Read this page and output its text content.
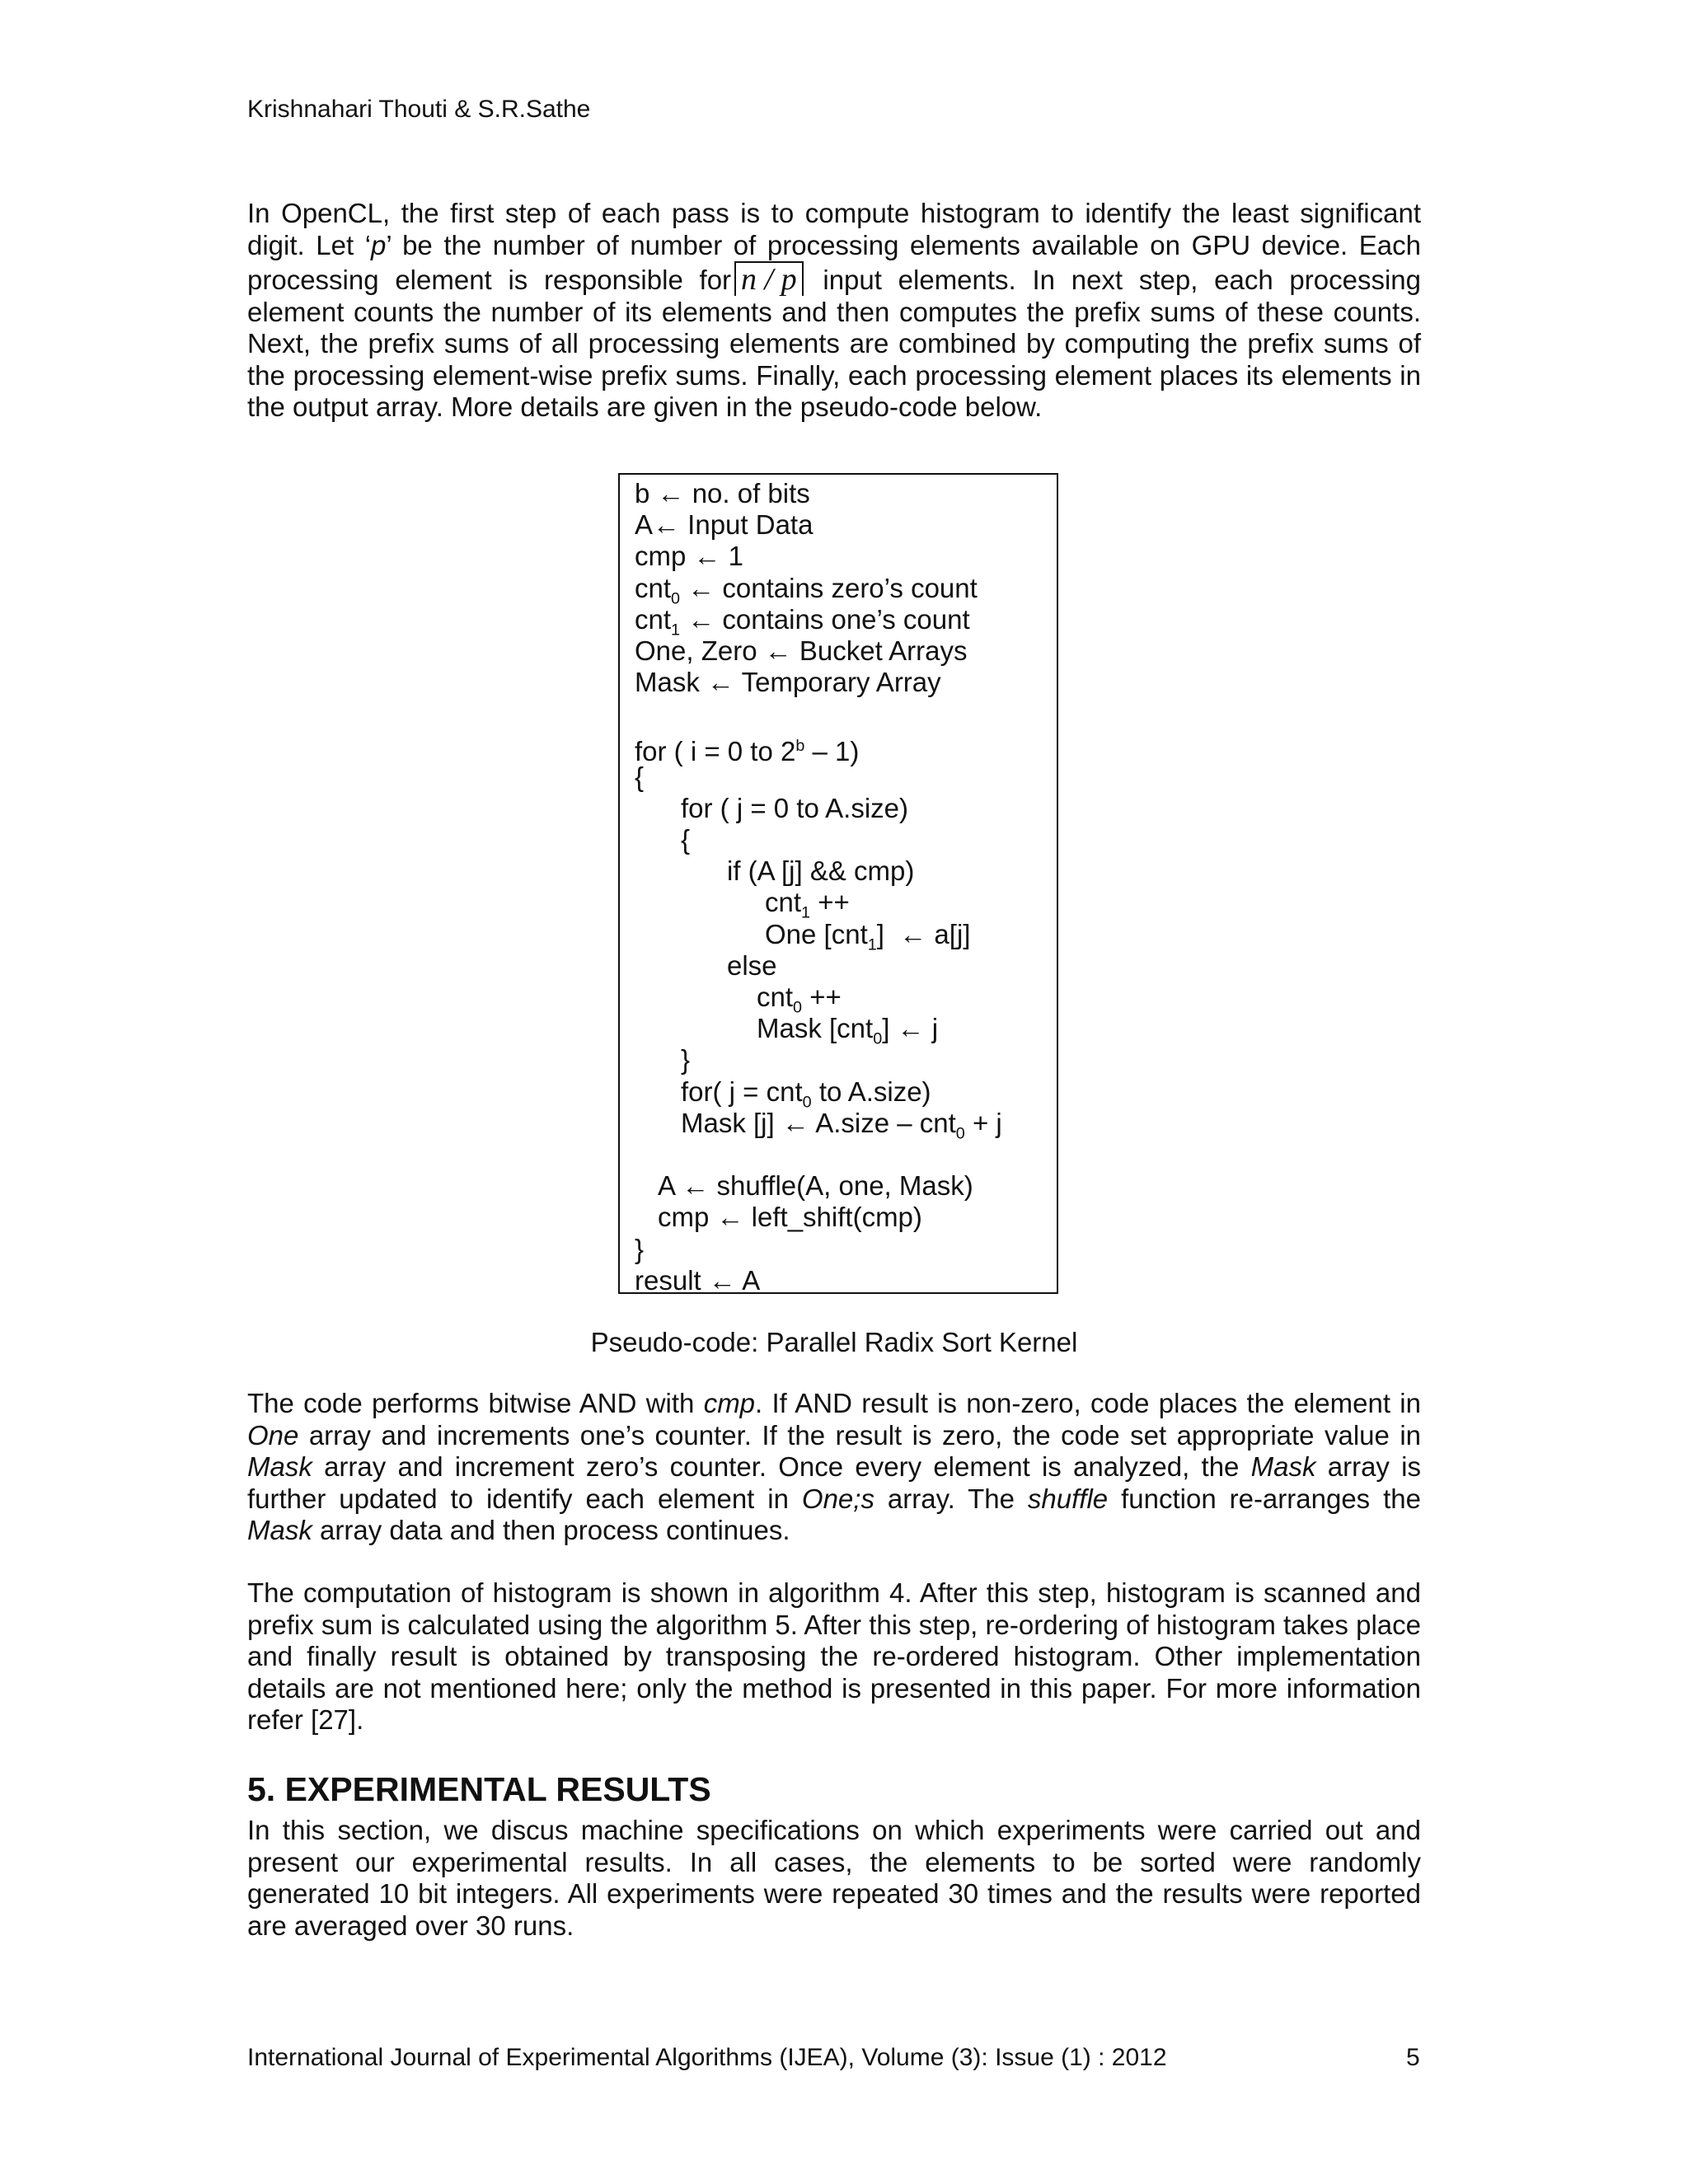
Krishnahari Thouti & S.R.Sathe

In OpenCL, the first step of each pass is to compute histogram to identify the least significant digit. Let ‘p’ be the number of number of processing elements available on GPU device. Each processing element is responsible for n / p input elements. In next step, each processing element counts the number of its elements and then computes the prefix sums of these counts. Next, the prefix sums of all processing elements are combined by computing the prefix sums of the processing element-wise prefix sums. Finally, each processing element places its elements in the output array. More details are given in the pseudo-code below.

b ← no. of bits
A← Input Data
cmp ← 1
cnt$_0$ ← contains zero’s count
cnt$_1$ ← contains one’s count
One, Zero ← Bucket Arrays
Mask ← Temporary Array
for ( i = 0 to 2$^b$ – 1)
{
for ( j = 0 to A.size)
{
if (A [j] && cmp)
cnt$_1$ ++
One [cnt$_1$]  ← a[j]
else
cnt$_0$ ++
Mask [cnt$_0$] ← j
}
for( j = cnt$_0$ to A.size)
Mask [j] ← A.size – cnt$_0$ + j
A ← shuffle(A, one, Mask)
cmp ← left_shift(cmp)
}
result ← A
Pseudo-code: Parallel Radix Sort Kernel

The code performs bitwise AND with cmp. If AND result is non-zero, code places the element in One array and increments one’s counter. If the result is zero, the code set appropriate value in Mask array and increment zero’s counter. Once every element is analyzed, the Mask array is further updated to identify each element in One;s array. The shuffle function re-arranges the Mask array data and then process continues.

The computation of histogram is shown in algorithm 4. After this step, histogram is scanned and prefix sum is calculated using the algorithm 5. After this step, re-ordering of histogram takes place and finally result is obtained by transposing the re-ordered histogram. Other implementation details are not mentioned here; only the method is presented in this paper. For more information refer [27].

5. EXPERIMENTAL RESULTS

In this section, we discus machine specifications on which experiments were carried out and present our experimental results. In all cases, the elements to be sorted were randomly generated 10 bit integers. All experiments were repeated 30 times and the results were reported are averaged over 30 runs.

International Journal of Experimental Algorithms (IJEA), Volume (3): Issue (1) : 2012	5
